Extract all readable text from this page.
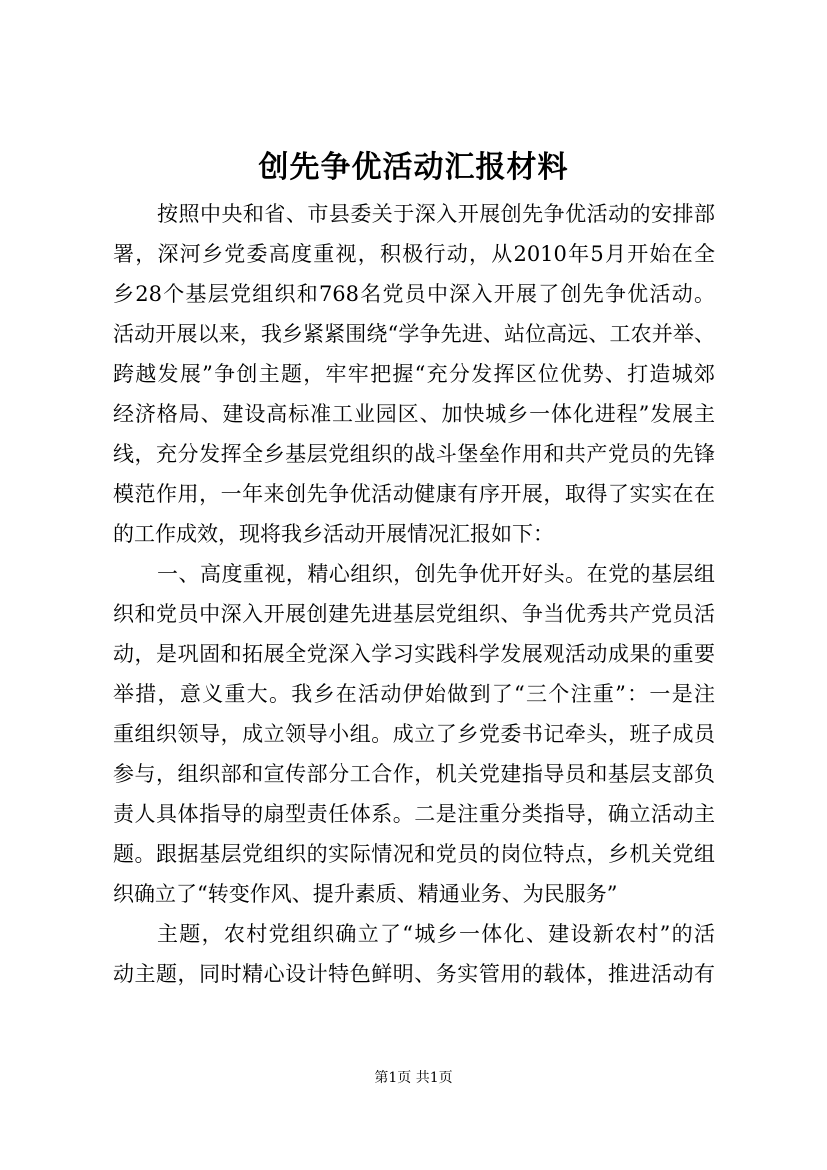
创先争优活动汇报材料
按照中央和省、市县委关于深入开展创先争优活动的安排部
署，深河乡党委高度重视，积极行动，从2010年5月开始在全
乡28个基层党组织和768名党员中深入开展了创先争优活动。
活动开展以来，我乡紧紧围绕“学争先进、站位高远、工农并举、
跨越发展”争创主题，牢牢把握“充分发挥区位优势、打造城郊
经济格局、建设高标准工业园区、加快城乡一体化进程”发展主
线，充分发挥全乡基层党组织的战斗堡垒作用和共产党员的先锋
模范作用，一年来创先争优活动健康有序开展，取得了实实在在
的工作成效，现将我乡活动开展情况汇报如下：
一、高度重视，精心组织，创先争优开好头。在党的基层组
织和党员中深入开展创建先进基层党组织、争当优秀共产党员活
动，是巩固和拓展全党深入学习实践科学发展观活动成果的重要
举措，意义重大。我乡在活动伊始做到了“三个注重”：一是注
重组织领导，成立领导小组。成立了乡党委书记牵头，班子成员
参与，组织部和宣传部分工合作，机关党建指导员和基层支部负
责人具体指导的扇型责任体系。二是注重分类指导，确立活动主
题。跟据基层党组织的实际情况和党员的岗位特点，乡机关党组
织确立了“转变作风、提升素质、精通业务、为民服务”
主题，农村党组织确立了“城乡一体化、建设新农村”的活
动主题，同时精心设计特色鲜明、务实管用的载体，推进活动有
第1页 共1页
